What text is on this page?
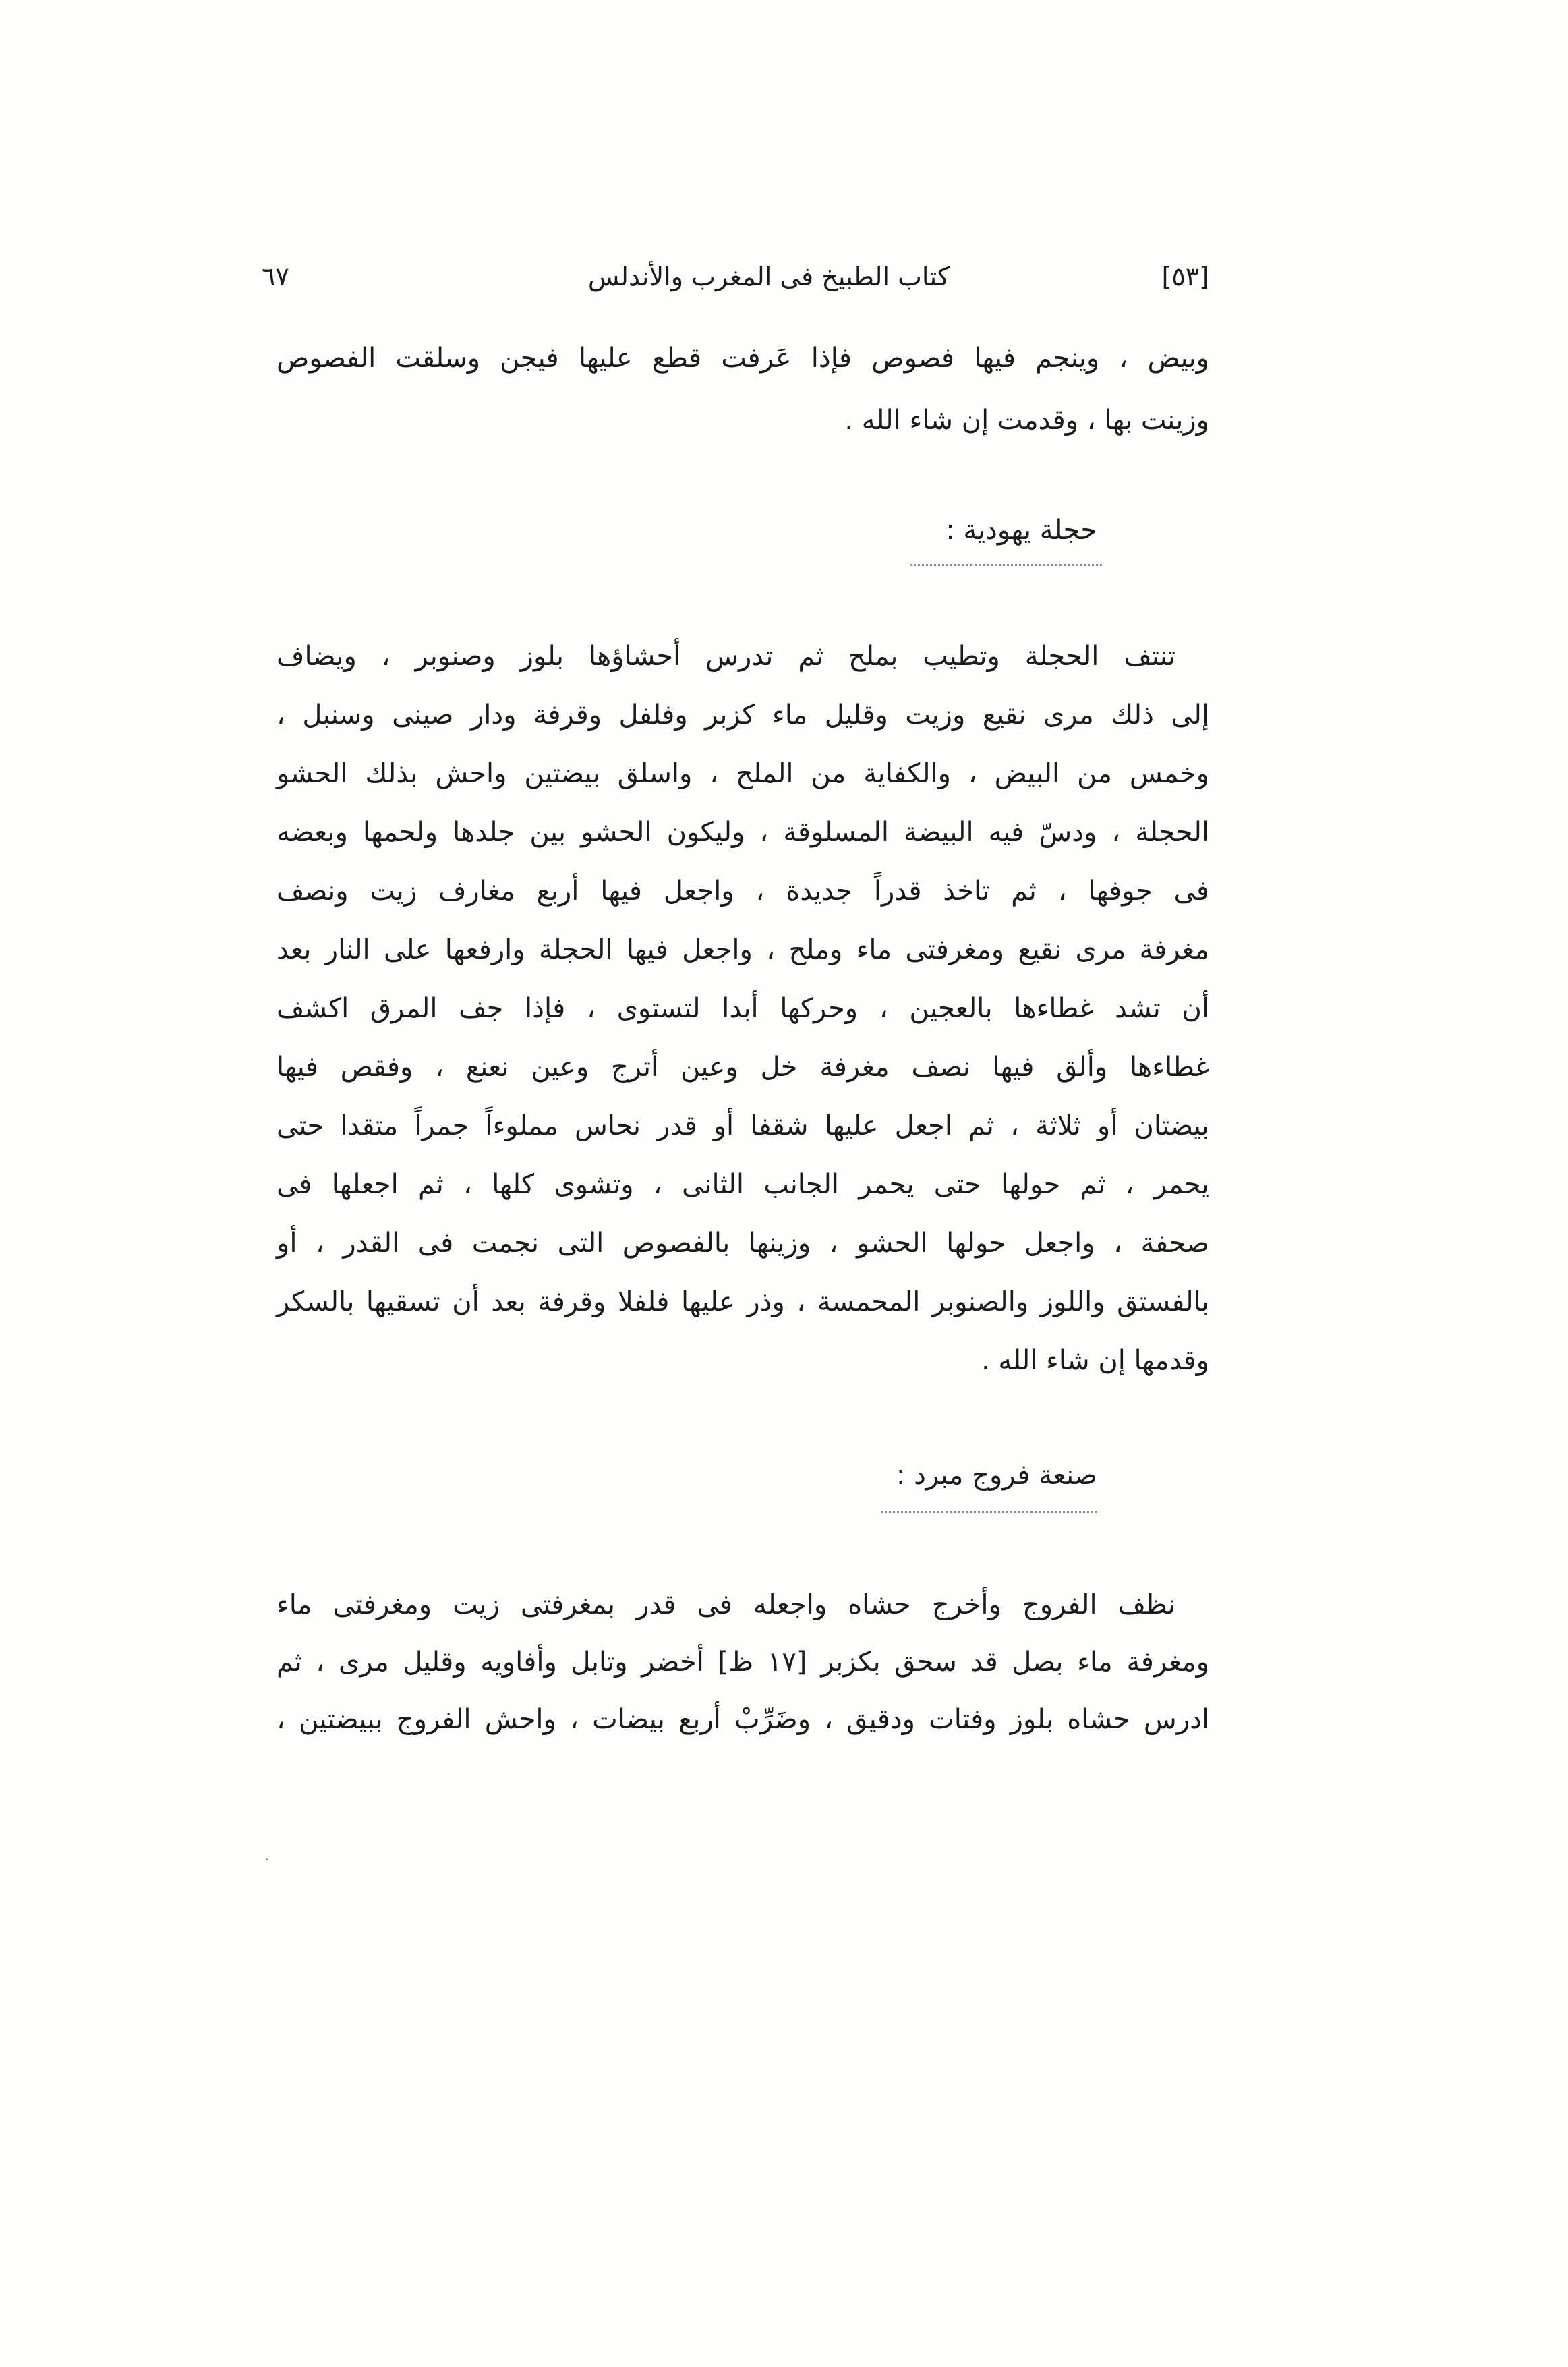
٦٧	كتاب الطبيخ فى المغرب والأندلس	[٥٣]
وبيض ، وينجم فيها فصوص فإذا عَرفت قطع عليها فيجن وسلقت الفصوص
وزينت بها ، وقدمت إن شاء الله .
حجلة يهودية :
تنتف الحجلة وتطيب بملح ثم تدرس أحشاؤها بلوز وصنوبر ، ويضاف
إلى ذلك مرى نقيع وزيت وقليل ماء كزبر وفلفل وقرفة ودار صينى وسنبل ،
وخمس من البيض ، والكفاية من الملح ، واسلق بيضتين واحش بذلك الحشو
الحجلة ، ودسّ فيه البيضة المسلوقة ، وليكون الحشو بين جلدها ولحمها وبعضه
فى جوفها ، ثم تاخذ قدراً جديدة ، واجعل فيها أربع مغارف زيت ونصف
مغرفة مرى نقيع ومغرفتى ماء وملح ، واجعل فيها الحجلة وارفعها على النار بعد
أن تشد غطاءها بالعجين ، وحركها أبدا لتستوى ، فإذا جف المرق اكشف
غطاءها وألق فيها نصف مغرفة خل وعين أترج وعين نعنع ، وفقص فيها
بيضتان أو ثلاثة ، ثم اجعل عليها شقفا أو قدر نحاس مملوءاً جمراً متقدا حتى
يحمر ، ثم حولها حتى يحمر الجانب الثانى ، وتشوى كلها ، ثم اجعلها فى
صحفة ، واجعل حولها الحشو ، وزينها بالفصوص التى نجمت فى القدر ، أو
بالفستق واللوز والصنوبر المحمسة ، وذر عليها فلفلا وقرفة بعد أن تسقيها بالسكر
وقدمها إن شاء الله .
صنعة فروج مبرد :
نظف الفروج وأخرج حشاه واجعله فى قدر بمغرفتى زيت ومغرفتى ماء
ومغرفة ماء بصل قد سحق بكزبر [١٧ ظ] أخضر وتابل وأفاويه وقليل مرى ، ثم
ادرس حشاه بلوز وفتات ودقيق ، وضَرِّبْ أربع بيضات ، واحش الفروج ببيضتين ،
